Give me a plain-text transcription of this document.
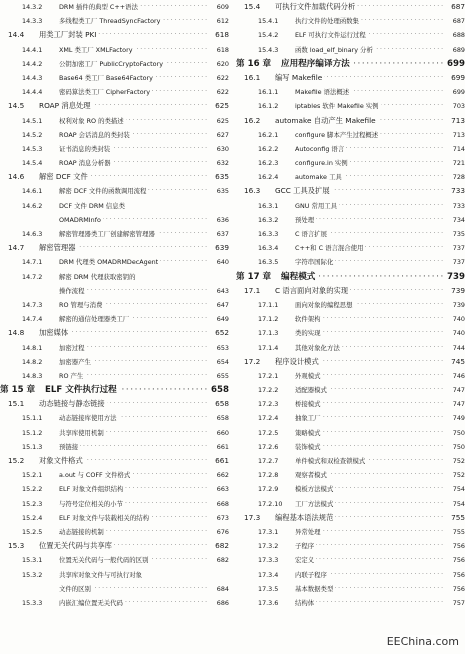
14.3.2	DRM 插件的典型 C++语法	609
· · ·
14.3.3	多线程类工厂 ThreadSyncFactory	612
· · ·
14.4 用类工厂封装 PKI	618
· · ·
14.4.1	XML 类工厂 XMLFactory	618
· · ·
14.4.2	公钥加密工厂 PublicCryptoFactory	620
· · ·
14.4.3	Base64 类工厂 Base64Factory	622
· · ·
14.4.4	密码算法类工厂 CipherFactory	622
· · ·
14.5 ROAP 消息处理	625
· · ·
14.5.1	权利对象 RO 的类描述	625
· · ·
14.5.2	ROAP 会话消息的类封装	627
· · ·
14.5.3	证书消息的类封装	630
· · ·
14.5.4	ROAP 消息分析器	632
· · ·
14.6 解密 DCF 文件	635
· · ·
14.6.1	解密 DCF 文件的函数调用流程	635
· · ·
14.6.2	DCF 文件 DRM 信息类
OMADRMInfo	636
· · ·
14.6.3	解密管理器类工厂创建解密管理器	637
· · ·
14.7 解密管理器	639
· · ·
14.7.1	DRM 代理类 OMADRMDecAgent	640
· · ·
14.7.2	解密 DRM 代理获取密钥的
操作流程	643
· · ·
14.7.3	RO 管理与消费	647
· · ·
14.7.4	解密的通信处理器类工厂	649
· · ·
14.8 加密媒体	652
· · ·
14.8.1	加密过程	653
· · ·
14.8.2	加密器产生	654
· · ·
14.8.3	RO 产生	655
· · ·
第 15 章 ELF 文件执行过程	658
· · ·
15.1 动态链接与静态链接	658
· · ·
15.1.1	动态链接库使用方法	658
· · ·
15.1.2	共享库使用机制	660
· · ·
15.1.3	预链接	661
· · ·
15.2 对象文件格式	661
· · ·
15.2.1	a.out 与 COFF 文件格式	662
· · ·
15.2.2	ELF 对象文件组织结构	663
· · ·
15.2.3	与符号定位相关的小节	668
· · ·
15.2.4	ELF 对象文件与装载相关的结构	673
· · ·
15.2.5	动态链接的机制	676
· · ·
15.3 位置无关代码与共享库	682
· · ·
15.3.1	位置无关代码与一般代码的区别	682
· · ·
15.3.2	共享库对象文件与可执行对象
文件的区别	684
· · ·
15.3.3	内嵌汇编位置无关代码	686
· · ·
15.4 可执行文件加载代码分析	687
· · ·
15.4.1	执行文件的处理函数集	687
· · ·
15.4.2	ELF 可执行文件运行过程	688
· · ·
15.4.3	函数 load_elf_binary 分析	689
· · ·
第 16 章 应用程序编译方法	699
· · ·
16.1 编写 Makefile	699
· · ·
16.1.1	Makefile 语法概述	699
· · ·
16.1.2	iptables 软件 Makefile 实例	703
· · ·
16.2 automake 自动产生 Makefile	713
· · ·
16.2.1	configure 脚本产生过程概述	713
· · ·
16.2.2	Autoconfig 语言	714
· · ·
16.2.3	configure.in 实例	721
· · ·
16.2.4	automake 工具	728
· · ·
16.3 GCC 工具及扩展	733
· · ·
16.3.1	GNU 常用工具	733
· · ·
16.3.2	预处理	734
· · ·
16.3.3	C 语言扩展	735
· · ·
16.3.4	C++和 C 语言混合使用	737
· · ·
16.3.5	字符串国际化	737
· · ·
第 17 章 编程模式	739
· · ·
17.1 C 语言面向对象的实现	739
· · ·
17.1.1	面向对象的编程思想	739
· · ·
17.1.2	软件架构	740
· · ·
17.1.3	类的实现	740
· · ·
17.1.4	其他对象化方法	744
· · ·
17.2 程序设计模式	745
· · ·
17.2.1	外观模式	746
· · ·
17.2.2	适配器模式	747
· · ·
17.2.3	桥接模式	747
· · ·
17.2.4	抽象工厂	749
· · ·
17.2.5	策略模式	750
· · ·
17.2.6	装饰模式	750
· · ·
17.2.7	单件模式和双检查锁模式	752
· · ·
17.2.8	观察者模式	752
· · ·
17.2.9	模板方法模式	754
· · ·
17.2.10 工厂方法模式	754
· · ·
17.3 编程基本语法规范	755
· · ·
17.3.1	异常处理	755
· · ·
17.3.2	子程序	756
· · ·
17.3.3	宏定义	756
· · ·
17.3.4	内联子程序	756
· · ·
17.3.5	基本数据类型	756
· · ·
17.3.6	结构体	757
· · ·
EEChina.com
